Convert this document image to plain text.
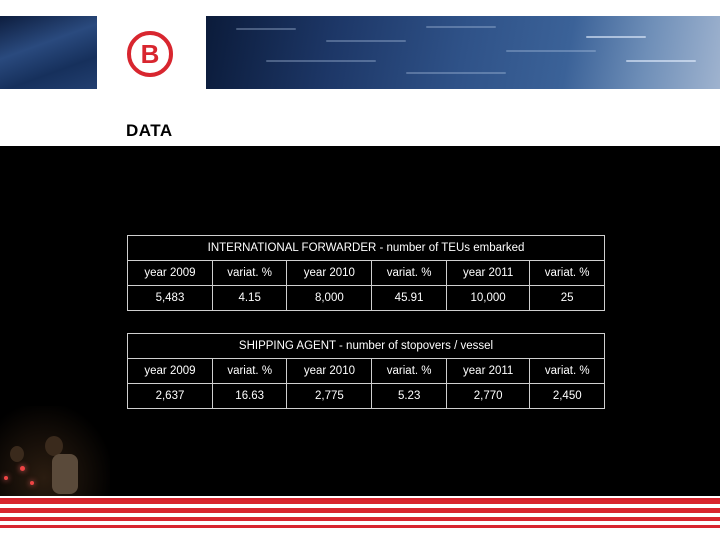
B
DATA
INTERNATIONAL FORWARDER - number of TEUs embarked					
year 2009	variat. %	year 2010	variat. %	year 2011	variat. %
5,483	4.15	8,000	45.91	10,000	25
SHIPPING AGENT - number of stopovers / vessel					
year 2009	variat. %	year 2010	variat. %	year 2011	variat. %
2,637	16.63	2,775	5.23	2,770	2,450
